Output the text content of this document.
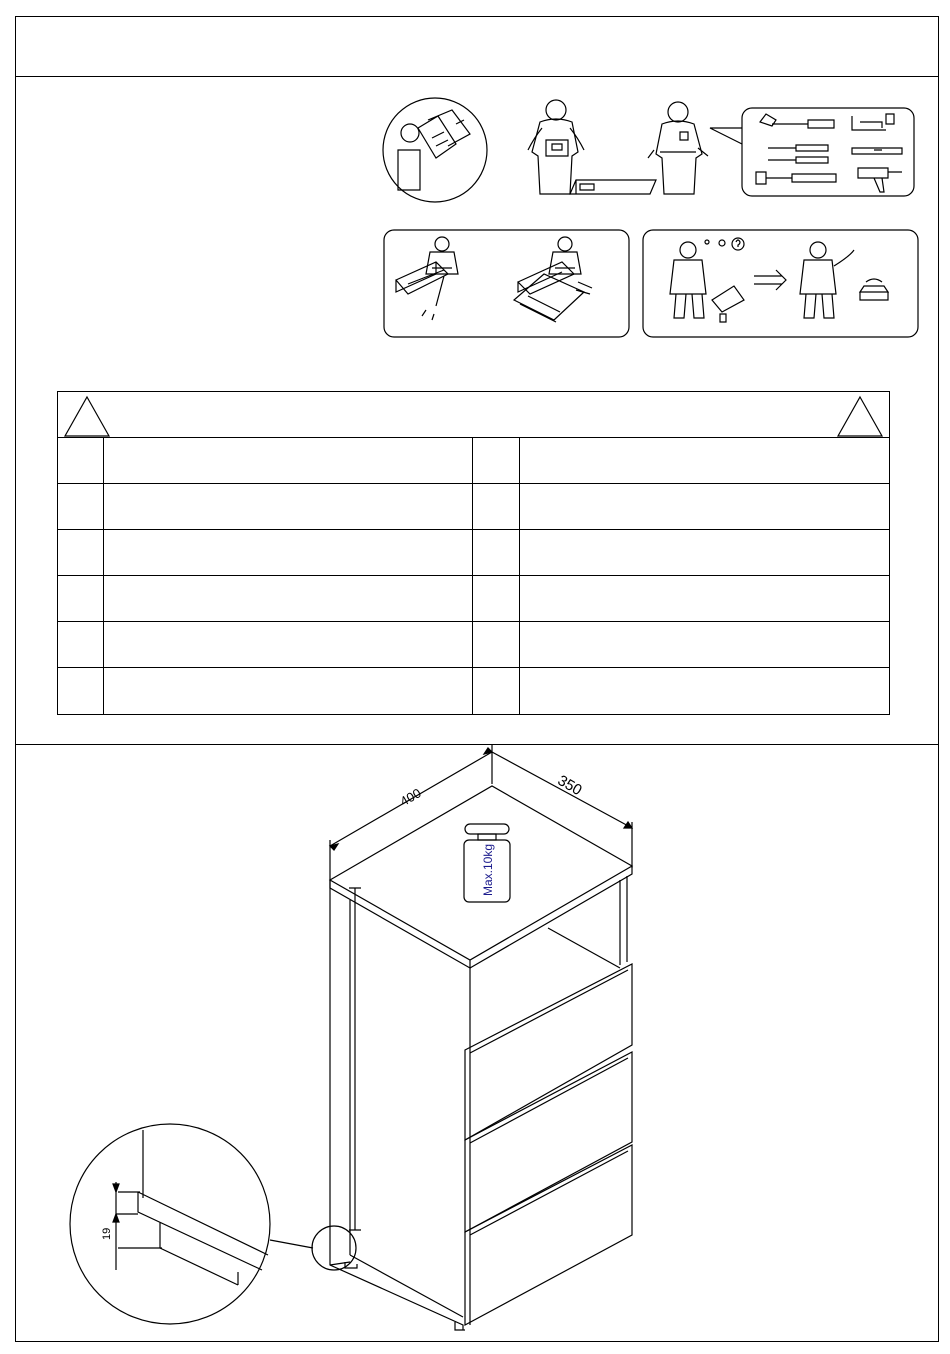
400	350
Max.10kg
19
